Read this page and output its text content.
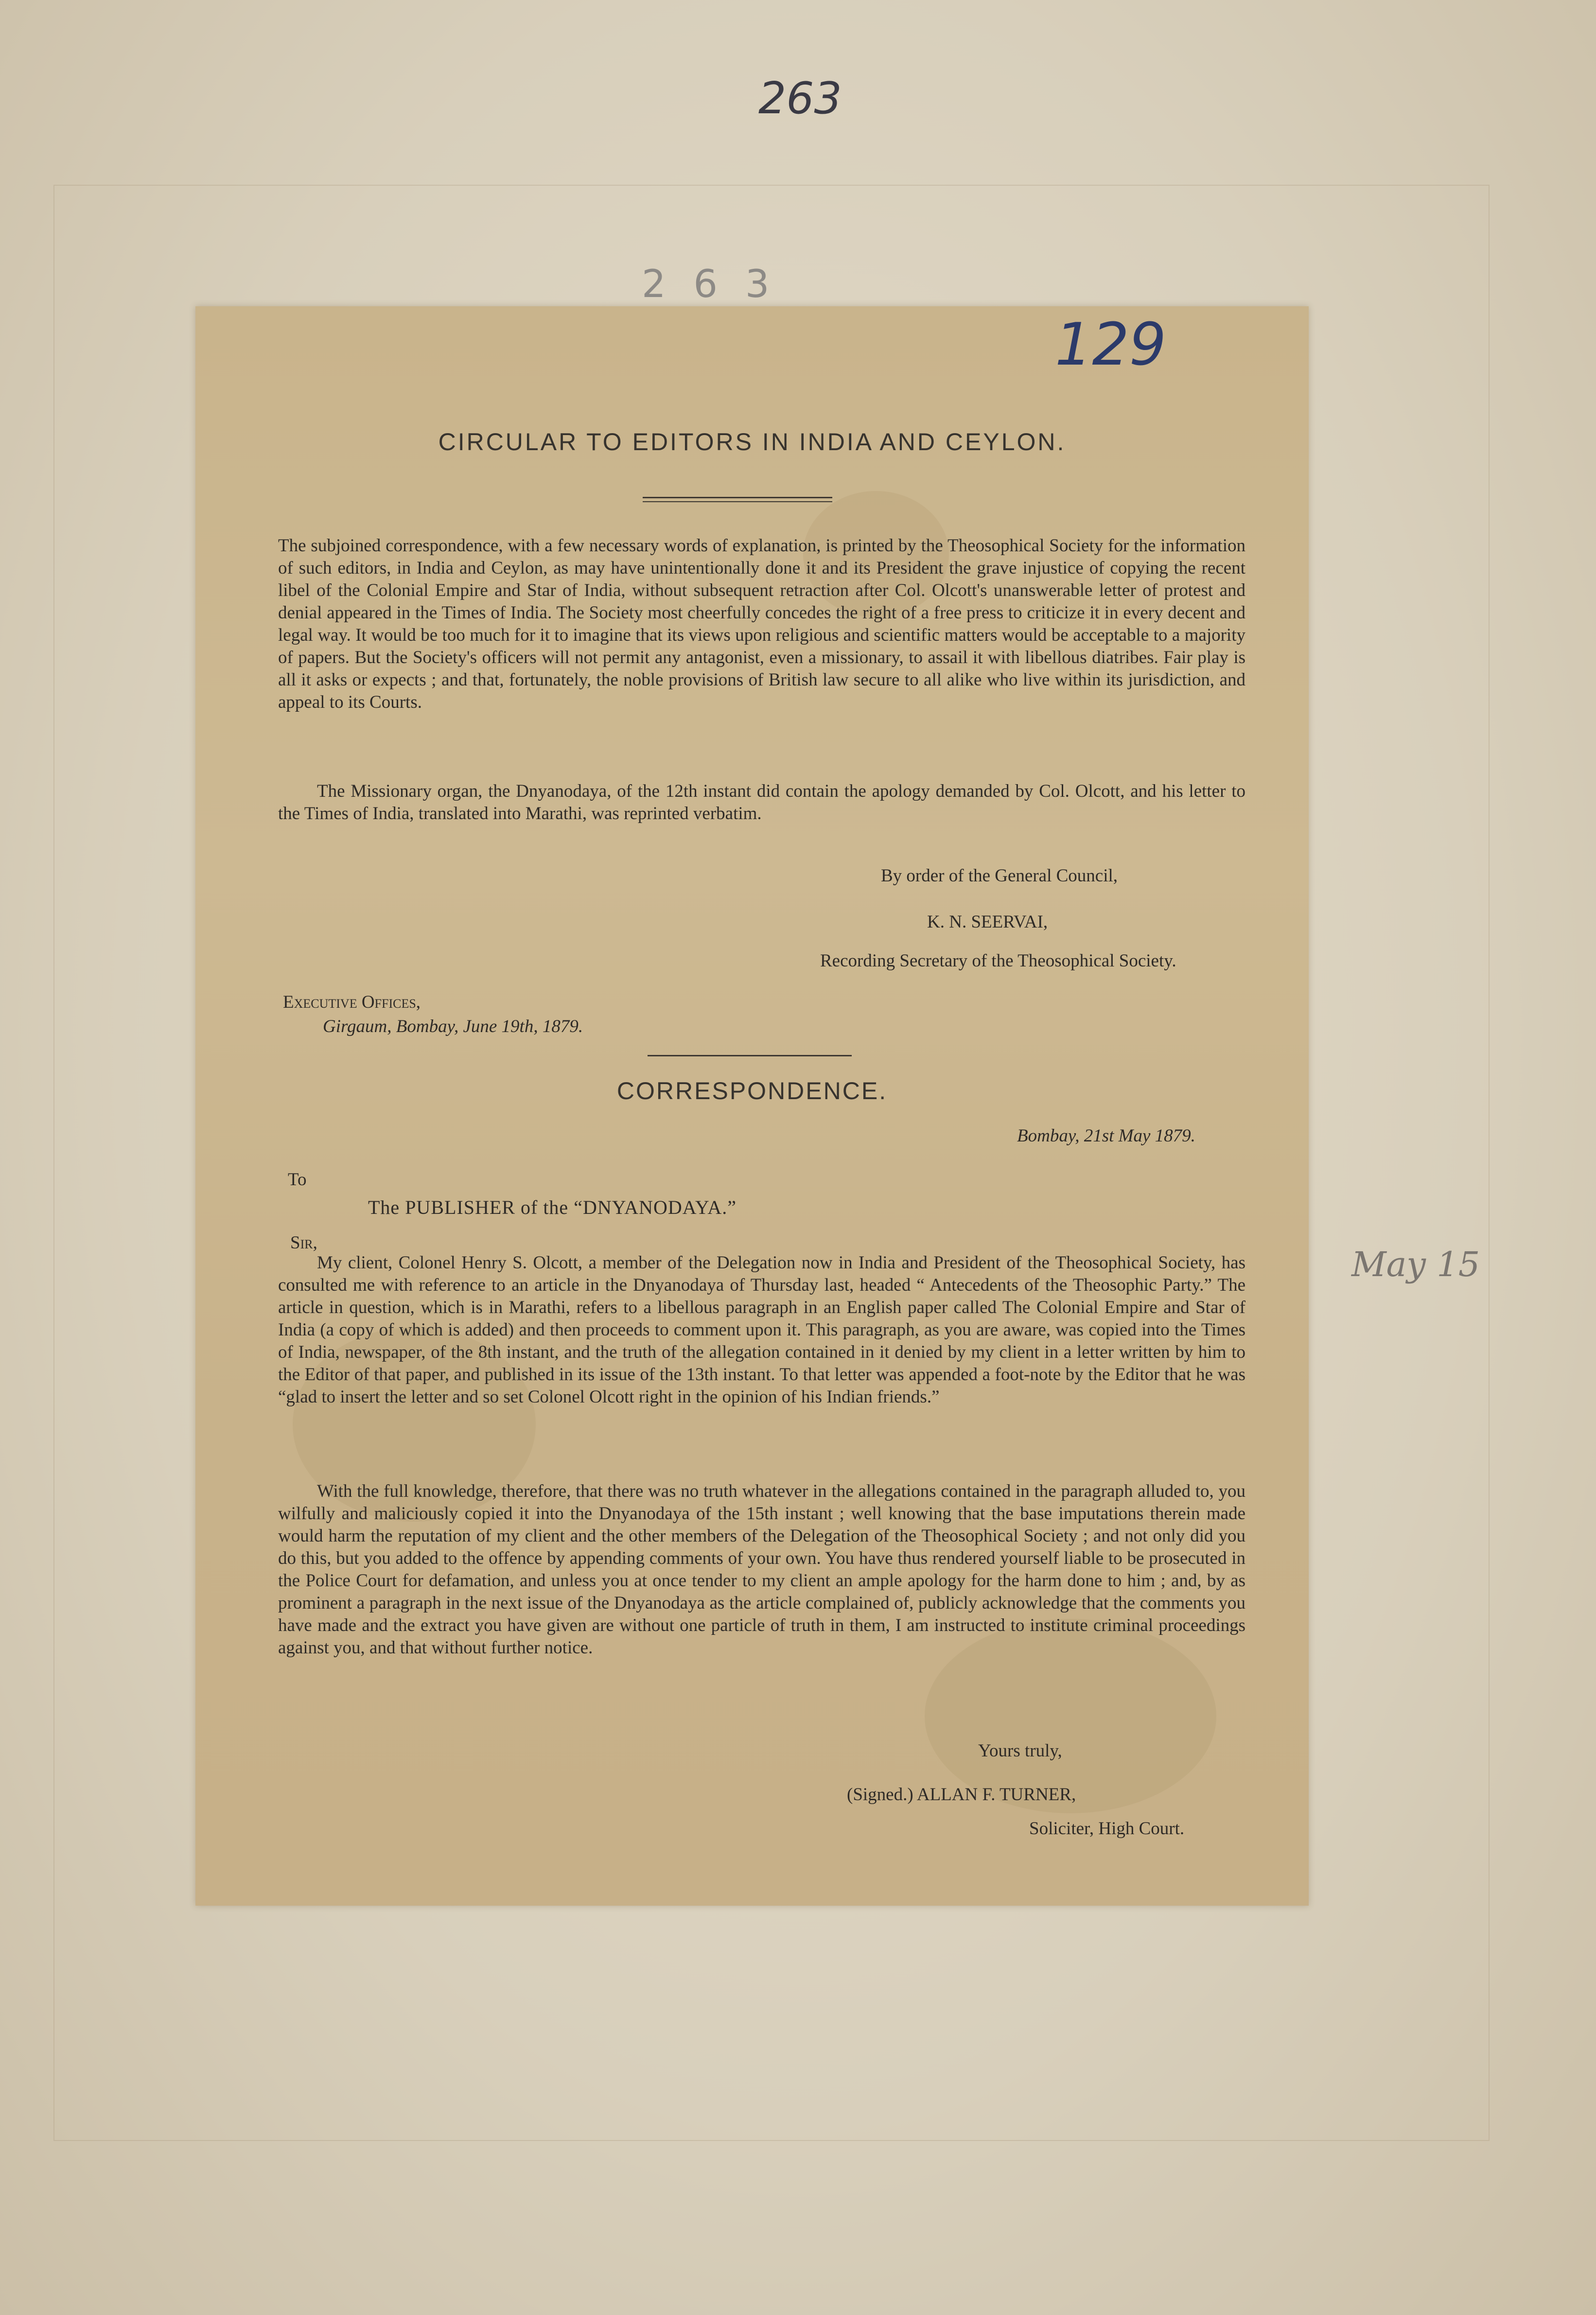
263
2 6 3
May 15
CIRCULAR TO EDITORS IN INDIA AND CEYLON.
The subjoined correspondence, with a few necessary words of explanation, is printed by the Theosophical Society for the information of such editors, in India and Ceylon, as may have unintentionally done it and its President the grave injustice of copying the recent libel of the Colonial Empire and Star of India, without subsequent retraction after Col. Olcott's unanswerable letter of protest and denial appeared in the Times of India. The Society most cheerfully concedes the right of a free press to criticize it in every decent and legal way. It would be too much for it to imagine that its views upon religious and scientific matters would be acceptable to a majority of papers. But the Society's officers will not permit any antagonist, even a missionary, to assail it with libellous diatribes. Fair play is all it asks or expects ; and that, fortunately, the noble provisions of British law secure to all alike who live within its jurisdiction, and appeal to its Courts.
The Missionary organ, the Dnyanodaya, of the 12th instant did contain the apology demanded by Col. Olcott, and his letter to the Times of India, translated into Marathi, was reprinted verbatim.
By order of the General Council,
K. N. SEERVAI,
Recording Secretary of the Theosophical Society.
Executive Offices,
Girgaum, Bombay, June 19th, 1879.
CORRESPONDENCE.
Bombay, 21st May 1879.
To
The PUBLISHER of the “DNYANODAYA.”
Sir,
My client, Colonel Henry S. Olcott, a member of the Delegation now in India and President of the Theosophical Society, has consulted me with reference to an article in the Dnyanodaya of Thursday last, headed “ Antecedents of the Theosophic Party.” The article in question, which is in Marathi, refers to a libellous paragraph in an English paper called The Colonial Empire and Star of India (a copy of which is added) and then proceeds to comment upon it. This paragraph, as you are aware, was copied into the Times of India, newspaper, of the 8th instant, and the truth of the allegation contained in it denied by my client in a letter written by him to the Editor of that paper, and published in its issue of the 13th instant. To that letter was appended a foot-note by the Editor that he was “glad to insert the letter and so set Colonel Olcott right in the opinion of his Indian friends.”
With the full knowledge, therefore, that there was no truth whatever in the allegations contained in the paragraph alluded to, you wilfully and maliciously copied it into the Dnyanodaya of the 15th instant ; well knowing that the base imputations therein made would harm the reputation of my client and the other members of the Delegation of the Theosophical Society ; and not only did you do this, but you added to the offence by appending comments of your own. You have thus rendered yourself liable to be prosecuted in the Police Court for defamation, and unless you at once tender to my client an ample apology for the harm done to him ; and, by as prominent a paragraph in the next issue of the Dnyanodaya as the article complained of, publicly acknowledge that the comments you have made and the extract you have given are without one particle of truth in them, I am instructed to institute criminal proceedings against you, and that without further notice.
Yours truly,
(Signed.) ALLAN F. TURNER,
Soliciter, High Court.
129
